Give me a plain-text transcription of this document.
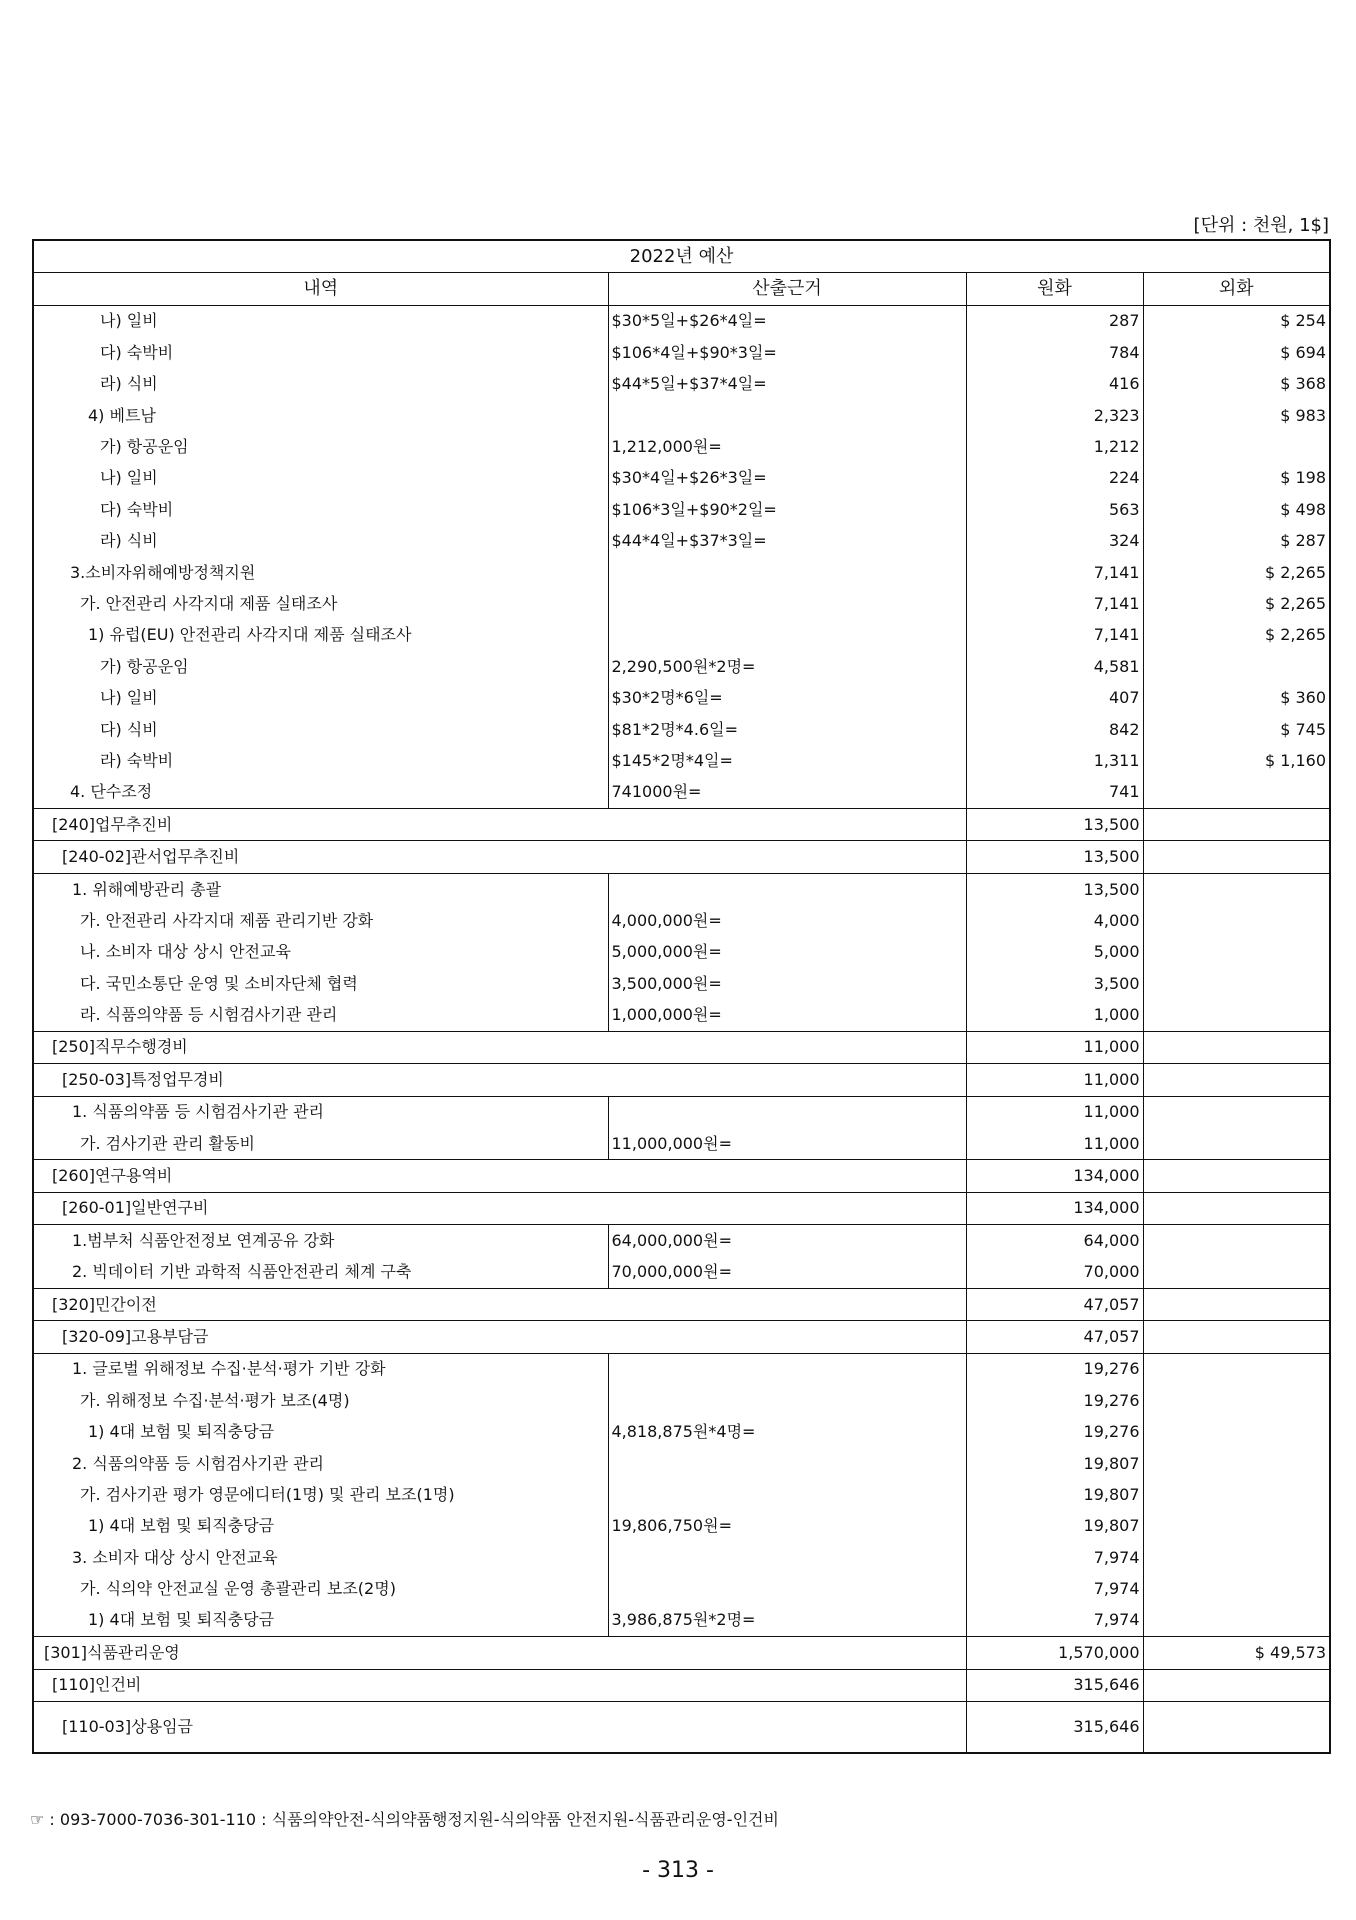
[단위 : 천원, 1$]
2022년 예산			
내역	산출근거	원화	외화
나) 일비	$30*5일+$26*4일=	287	$ 254
다) 숙박비	$106*4일+$90*3일=	784	$ 694
라) 식비	$44*5일+$37*4일=	416	$ 368
4) 베트남		2,323	$ 983
가) 항공운임	1,212,000원=	1,212	
나) 일비	$30*4일+$26*3일=	224	$ 198
다) 숙박비	$106*3일+$90*2일=	563	$ 498
라) 식비	$44*4일+$37*3일=	324	$ 287
3.소비자위해예방정책지원		7,141	$ 2,265
가. 안전관리 사각지대 제품 실태조사		7,141	$ 2,265
1) 유럽(EU) 안전관리 사각지대 제품 실태조사		7,141	$ 2,265
가) 항공운임	2,290,500원*2명=	4,581	
나) 일비	$30*2명*6일=	407	$ 360
다) 식비	$81*2명*4.6일=	842	$ 745
라) 숙박비	$145*2명*4일=	1,311	$ 1,160
4. 단수조정	741000원=	741	
[240]업무추진비		13,500	
[240-02]관서업무추진비		13,500	
1. 위해예방관리 총괄		13,500	
가. 안전관리 사각지대 제품 관리기반 강화	4,000,000원=	4,000	
나. 소비자 대상 상시 안전교육	5,000,000원=	5,000	
다. 국민소통단 운영 및 소비자단체 협력	3,500,000원=	3,500	
라. 식품의약품 등 시험검사기관 관리	1,000,000원=	1,000	
[250]직무수행경비		11,000	
[250-03]특정업무경비		11,000	
1. 식품의약품 등 시험검사기관 관리		11,000	
가. 검사기관 관리 활동비	11,000,000원=	11,000	
[260]연구용역비		134,000	
[260-01]일반연구비		134,000	
1.범부처 식품안전정보 연계공유 강화	64,000,000원=	64,000	
2. 빅데이터 기반 과학적 식품안전관리 체계 구축	70,000,000원=	70,000	
[320]민간이전		47,057	
[320-09]고용부담금		47,057	
1. 글로벌 위해정보 수집·분석·평가 기반 강화		19,276	
가. 위해정보 수집·분석·평가 보조(4명)		19,276	
1) 4대 보험 및 퇴직충당금	4,818,875원*4명=	19,276	
2. 식품의약품 등 시험검사기관 관리		19,807	
가. 검사기관 평가 영문에디터(1명) 및 관리 보조(1명)		19,807	
1) 4대 보험 및 퇴직충당금	19,806,750원=	19,807	
3. 소비자 대상 상시 안전교육		7,974	
가. 식의약 안전교실 운영 총괄관리 보조(2명)		7,974	
1) 4대 보험 및 퇴직충당금	3,986,875원*2명=	7,974	
[301]식품관리운영		1,570,000	$ 49,573
[110]인건비		315,646	
[110-03]상용임금		315,646	
☞ : 093-7000-7036-301-110 : 식품의약안전-식의약품행정지원-식의약품 안전지원-식품관리운영-인건비
- 313 -
